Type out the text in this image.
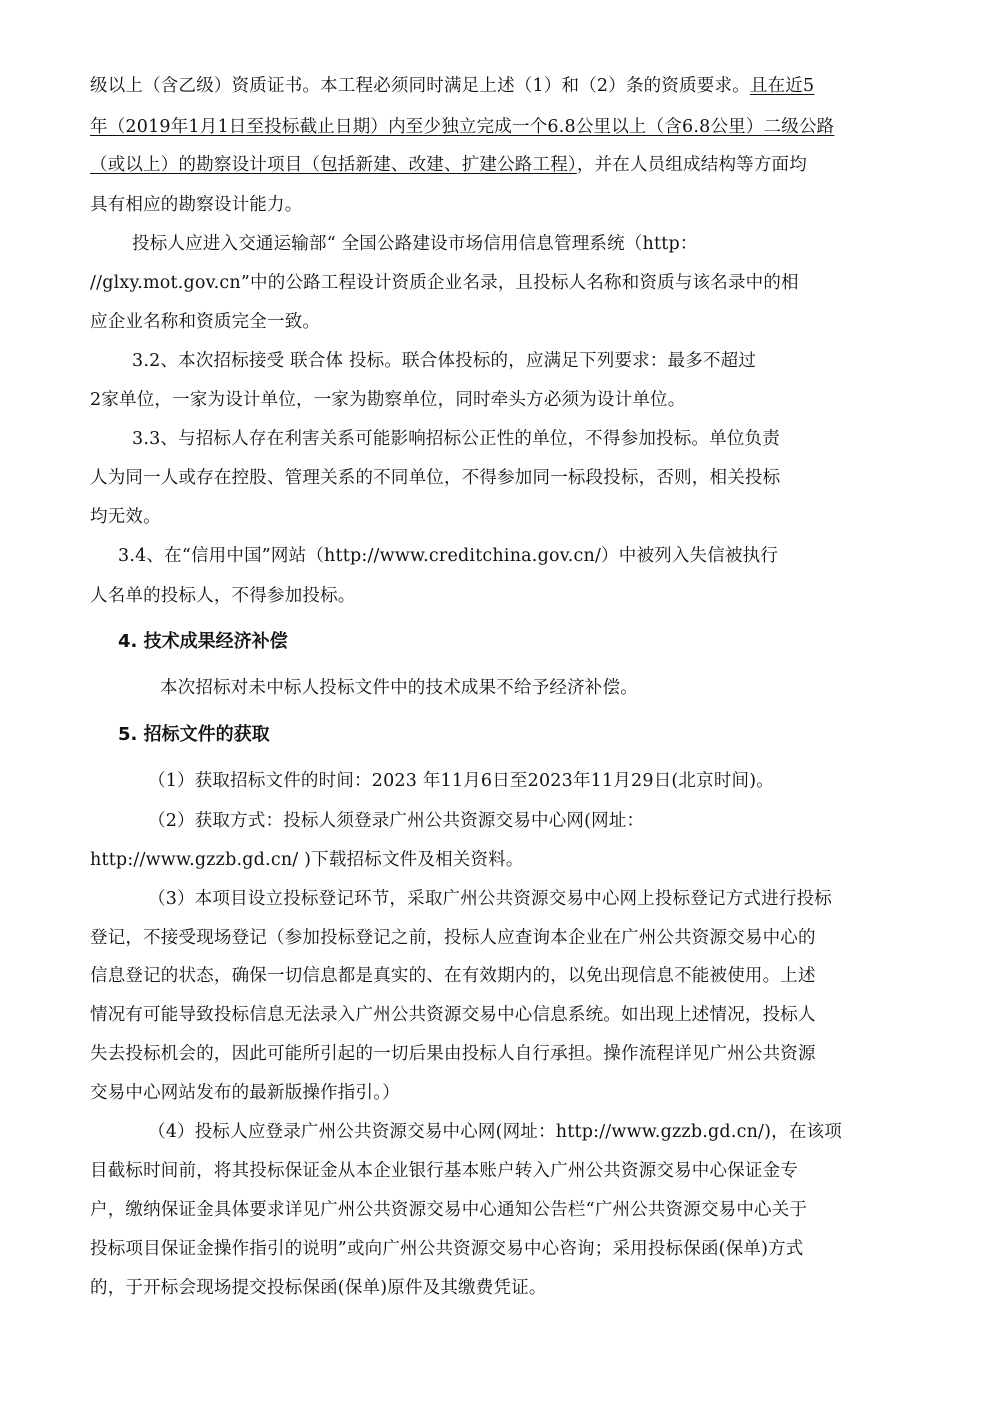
级以上（含乙级）资质证书。本工程必须同时满足上述（1）和（2）条的资质要求。且在近5
年（2019年1月1日至投标截止日期）内至少独立完成一个6.8公里以上（含6.8公里）二级公路
（或以上）的勘察设计项目（包括新建、改建、扩建公路工程），并在人员组成结构等方面均
具有相应的勘察设计能力。
投标人应进入交通运输部“ 全国公路建设市场信用信息管理系统（http：
//glxy.mot.gov.cn”中的公路工程设计资质企业名录，且投标人名称和资质与该名录中的相
应企业名称和资质完全一致。
3.2、本次招标接受 联合体 投标。联合体投标的，应满足下列要求：最多不超过
2家单位，一家为设计单位，一家为勘察单位，同时牵头方必须为设计单位。
3.3、与招标人存在利害关系可能影响招标公正性的单位，不得参加投标。单位负责
人为同一人或存在控股、管理关系的不同单位，不得参加同一标段投标，否则，相关投标
均无效。
3.4、在“信用中国”网站（http://www.creditchina.gov.cn/）中被列入失信被执行
人名单的投标人，不得参加投标。
4. 技术成果经济补偿
本次招标对未中标人投标文件中的技术成果不给予经济补偿。
5. 招标文件的获取
（1）获取招标文件的时间：2023 年11月6日至2023年11月29日(北京时间)。
（2）获取方式：投标人须登录广州公共资源交易中心网(网址：
http://www.gzzb.gd.cn/ )下载招标文件及相关资料。
（3）本项目设立投标登记环节，采取广州公共资源交易中心网上投标登记方式进行投标
登记，不接受现场登记（参加投标登记之前，投标人应查询本企业在广州公共资源交易中心的
信息登记的状态，确保一切信息都是真实的、在有效期内的，以免出现信息不能被使用。上述
情况有可能导致投标信息无法录入广州公共资源交易中心信息系统。如出现上述情况，投标人
失去投标机会的，因此可能所引起的一切后果由投标人自行承担。操作流程详见广州公共资源
交易中心网站发布的最新版操作指引。）
（4）投标人应登录广州公共资源交易中心网(网址：http://www.gzzb.gd.cn/)，在该项
目截标时间前，将其投标保证金从本企业银行基本账户转入广州公共资源交易中心保证金专
户，缴纳保证金具体要求详见广州公共资源交易中心通知公告栏“广州公共资源交易中心关于
投标项目保证金操作指引的说明”或向广州公共资源交易中心咨询；采用投标保函(保单)方式
的，于开标会现场提交投标保函(保单)原件及其缴费凭证。
